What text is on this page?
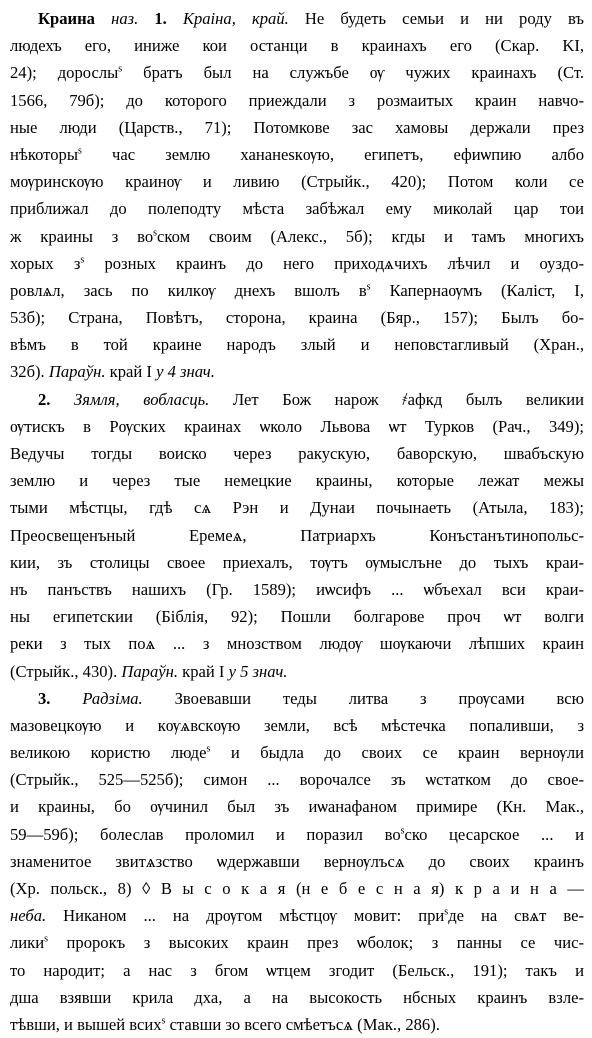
Краина наз. 1. Краіна, край. Не будеть семьи и ни роду въ
людехъ его, иниже кои останци в краинахъ его (Скар. KI,
24); дорослы$^s$ братъ был на служъбе ѹ чужих краинахъ (Ст.
1566, 79б); до которого приеждали з розмаитых краин навчо-
ные люди (Царств., 71); Потомкове зас хамовы держали през
нѣкоторы$^s$ час землю хананеѕкѹю, египетъ, ефиѡпию албо
мѹринскѹю краинѹ и ливию (Стрыйк., 420); Потом коли се
приближал до полеподту мѣста забѣжал ему миколай цар тои
ж краины з $во^sском$ своим (Алекс., 5б); кгды и тамъ многихъ
хорых $з^s$ розных краинъ до него приходѧчихъ лѣчил и оуздо-
ровлѧл, зась по килкѹ днехъ вшолъ $в^s$ Капернаѹмъ (Каліст, I,
53б); Страна, Повѣтъ, сторона, краина (Бяр., 157); Былъ бо-
вѣмъ в той краине народъ злый и неповстагливый (Хран.,
32б). Параўн. край I у 4 знач.
2. Зямля, вобласць. Лет Бож нарож ҂афкд былъ великии
ѹтискъ в Рѹских краинах ѡколо Львова ѡт Турков (Рач., 349);
Ведучы тогды воиско через ракускую, баворскую, швабъскую
землю и через тые немецкие краины, которые лежат межы
тыми мѣстцы, гдѣ сѧ Рэн и Дунаи почынаеть (Атыла, 183);
Преосвещенъный Еремеѧ, Патриархъ Конъстанътинопольс-
кии, зъ столицы своее приехалъ, тѹтъ ѹмыслъне до тыхъ краи-
нъ панъствъ нашихъ (Гр. 1589); иѡсифъ ... ѡбъехал вси краи-
ны египетскии (Біблія, 92); Пошли болгарове проч ѡт волги
реки з тых поѧ ... з мнозством людѹ шѹкаючи лѣпших краин
(Стрыйк., 430). Параўн. край I у 5 знач.
3. Радзіма. Звоевавши теды литва з прѹсами всю
мазовецкѹю и кѹѧвскѹю земли, всѣ мѣстечка попаливши, з
великою користю люде$^s$ и быдла до своих се краин вернѹли
(Стрыйк., 525—525б); симон ... ворочалсе зъ ѡстатком до свое-
и краины, бо ѹчинил был зъ иѡанафаном примире (Кн. Мак.,
59—59б); болеслав проломил и поразил $во^sско$ цесарское ... и
знаменитое звитѧзство ѡдержавши вернѹлъсѧ до своих краинъ
(Хр. польск., 8) ◊ В ы с о к а я (н е б е с н а я) к р а и н а —
неба. Никаном ... на дрѹгом мѣстцѹ мовит: при$^s$де на свѧт ве-
лики$^s$ пророкъ з высоких краин през ѡболок; з панны се чис-
то народит; а нас з бгом ѡтцем згодит (Бельск., 191); такъ и
дша взявши крила дха, а на высокость нбсных краинъ взле-
тѣвши, и вышей всих$^s$ ставши зо всего смѣетъсѧ (Мак., 286).
